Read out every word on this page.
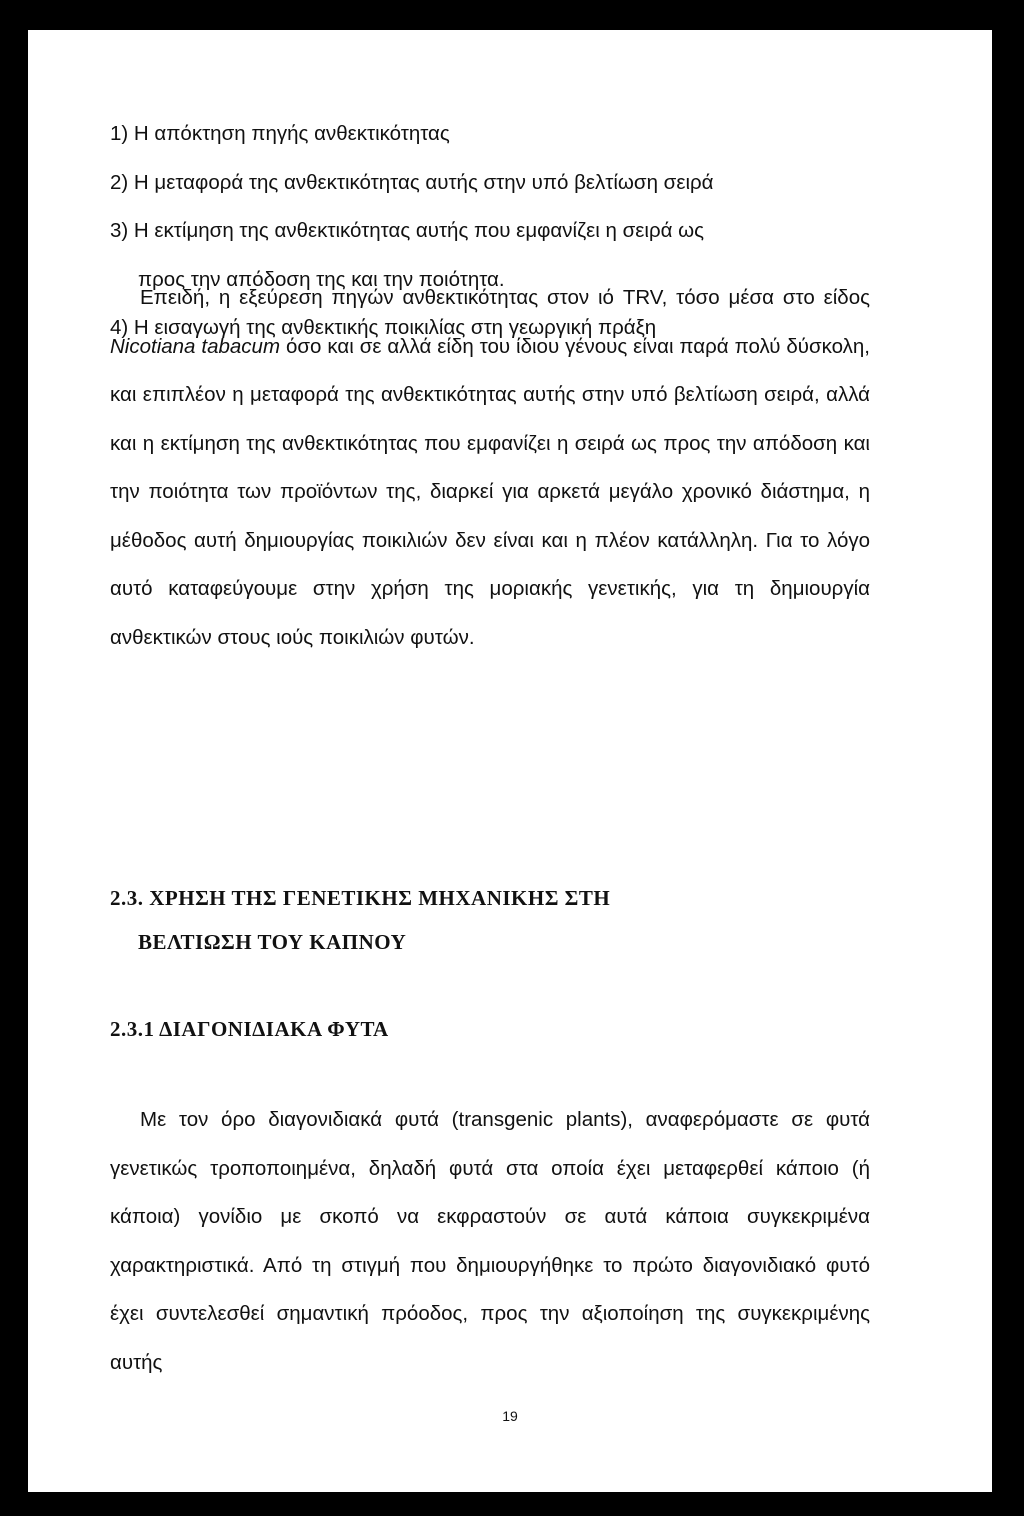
1) Η απόκτηση πηγής ανθεκτικότητας
2) Η μεταφορά της ανθεκτικότητας αυτής στην υπό βελτίωση σειρά
3) Η εκτίμηση της ανθεκτικότητας αυτής που εμφανίζει η σειρά ως
προς την απόδοση της και την ποιότητα.
4) Η εισαγωγή της ανθεκτικής ποικιλίας στη γεωργική πράξη
Επειδή, η εξεύρεση πηγών ανθεκτικότητας στον ιό TRV, τόσο μέσα στο είδος Nicotiana tabacum όσο και σε αλλά είδη του ίδιου γένους είναι παρά πολύ δύσκολη, και επιπλέον η μεταφορά της ανθεκτικότητας αυτής στην υπό βελτίωση σειρά, αλλά και η εκτίμηση της ανθεκτικότητας που εμφανίζει η σειρά ως προς την απόδοση και την ποιότητα των προϊόντων της, διαρκεί για αρκετά μεγάλο χρονικό διάστημα, η μέθοδος αυτή δημιουργίας ποικιλιών δεν είναι και η πλέον κατάλληλη. Για το λόγο αυτό καταφεύγουμε στην χρήση της μοριακής γενετικής, για τη δημιουργία ανθεκτικών στους ιούς ποικιλιών φυτών.
2.3. ΧΡΗΣΗ ΤΗΣ ΓΕΝΕΤΙΚΗΣ ΜΗΧΑΝΙΚΗΣ ΣΤΗ
ΒΕΛΤΙΩΣΗ ΤΟΥ ΚΑΠΝΟΥ
2.3.1 ΔΙΑΓΟΝΙΔΙΑΚΑ ΦΥΤΑ
Με τον όρο διαγονιδιακά φυτά (transgenic plants), αναφερόμαστε σε φυτά γενετικώς τροποποιημένα, δηλαδή φυτά στα οποία έχει μεταφερθεί κάποιο (ή κάποια) γονίδιο με σκοπό να εκφραστούν σε αυτά κάποια συγκεκριμένα χαρακτηριστικά. Από τη στιγμή που δημιουργήθηκε το πρώτο διαγονιδιακό φυτό έχει συντελεσθεί σημαντική πρόοδος, προς την αξιοποίηση της συγκεκριμένης αυτής
19
